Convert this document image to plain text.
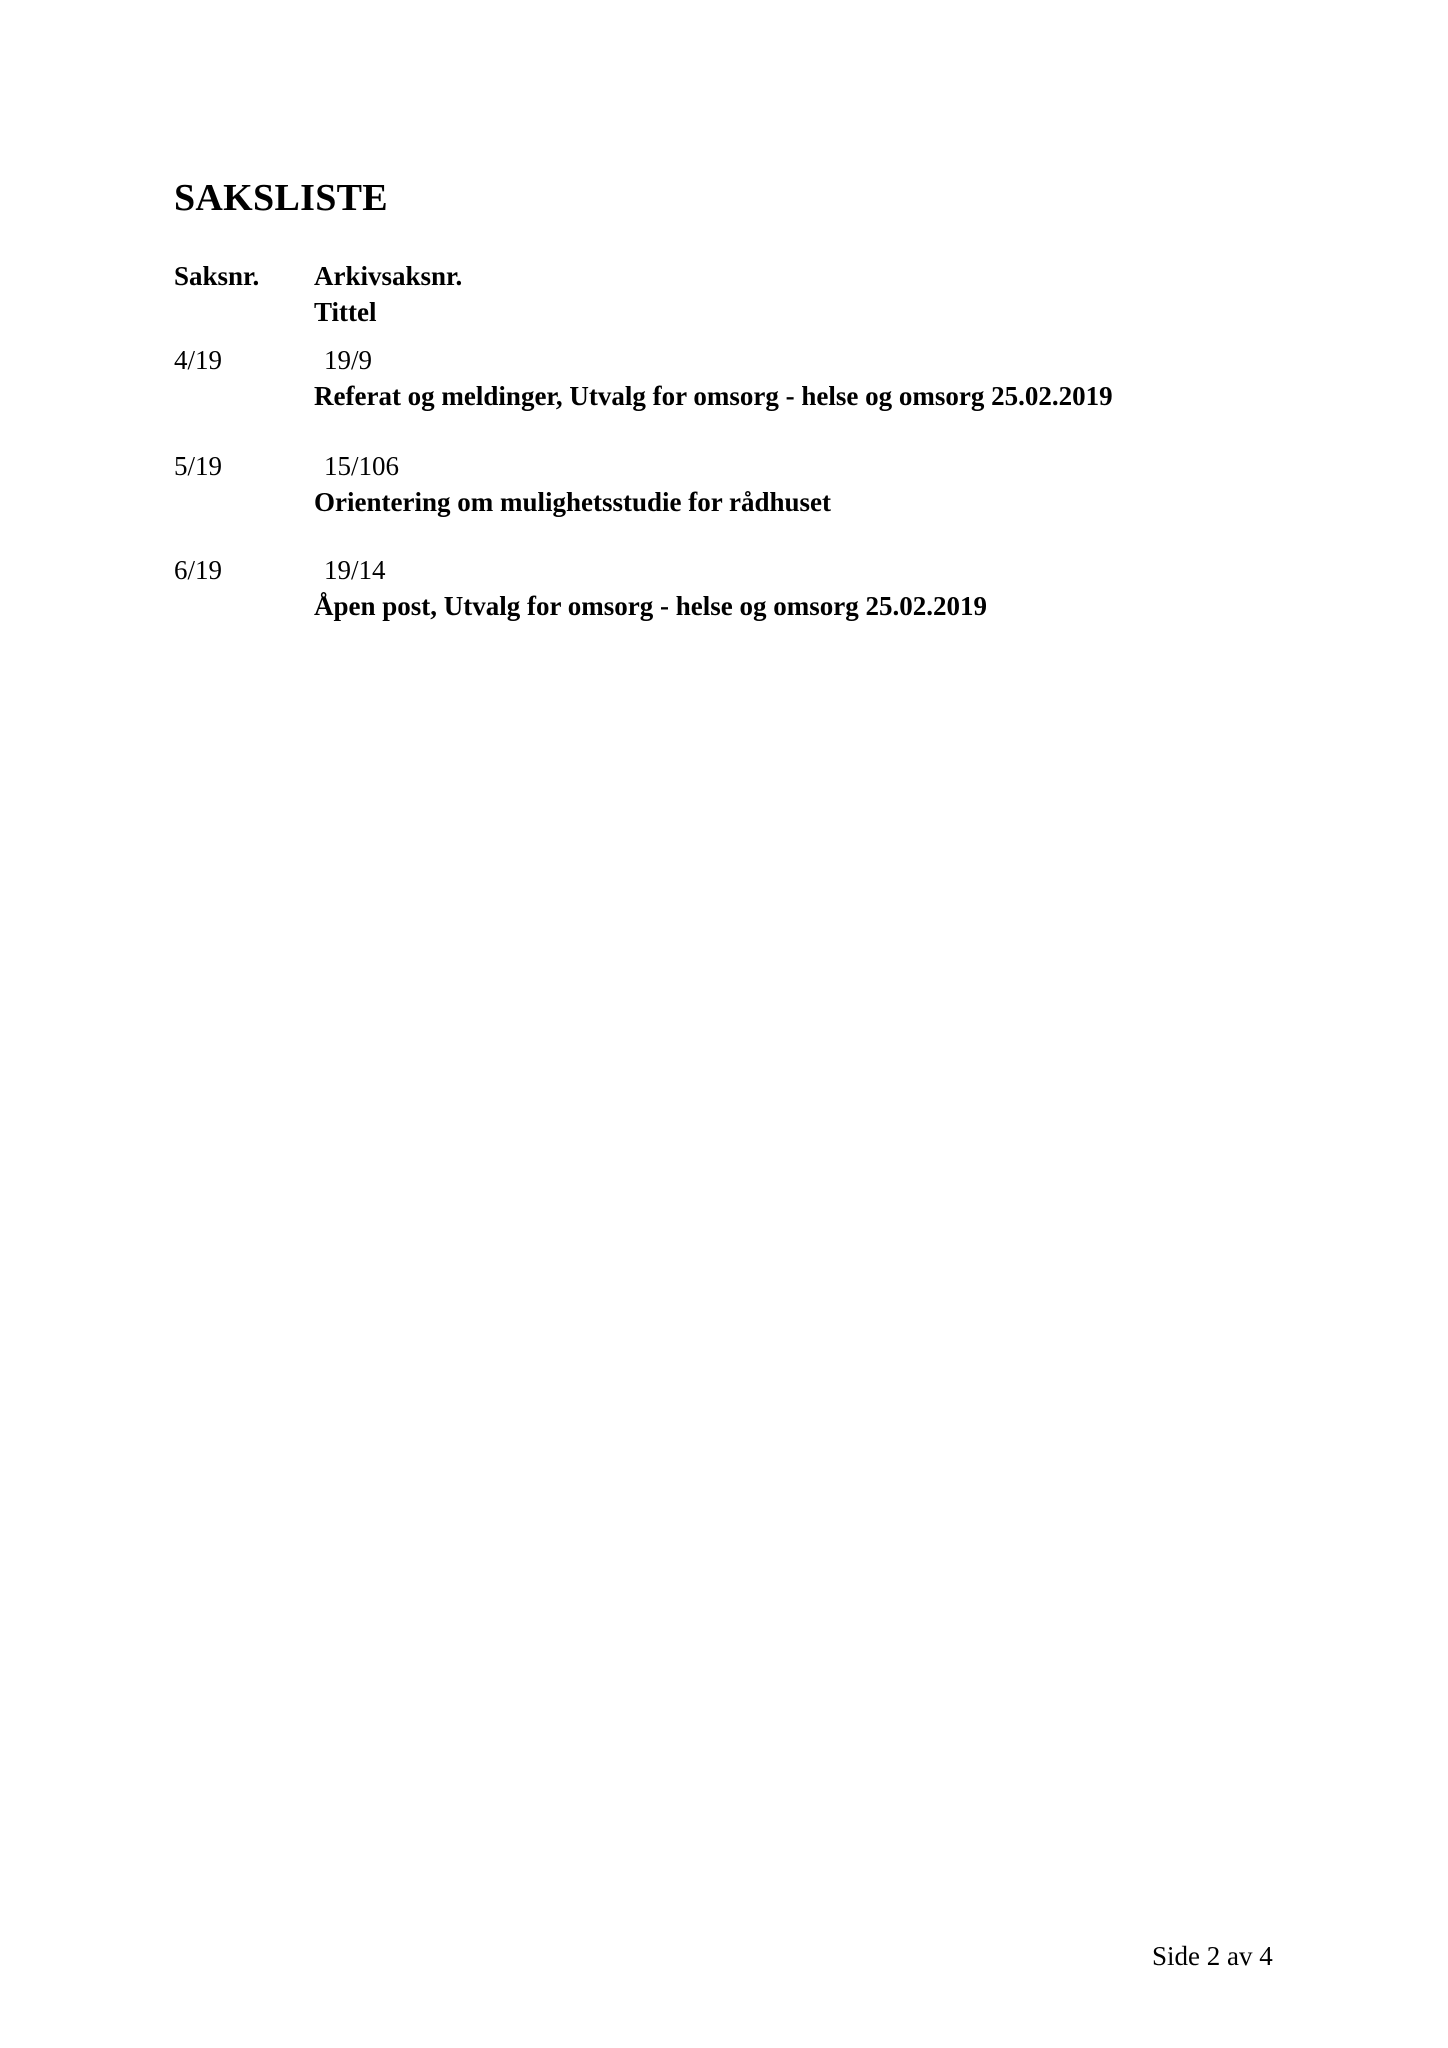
SAKSLISTE
Saksnr.	Arkivsaksnr.
Tittel
4/19	19/9
Referat og meldinger, Utvalg for omsorg - helse og omsorg 25.02.2019
5/19	15/106
Orientering om mulighetsstudie for rådhuset
6/19	19/14
Åpen post, Utvalg for omsorg - helse og omsorg 25.02.2019
Side 2 av 4
